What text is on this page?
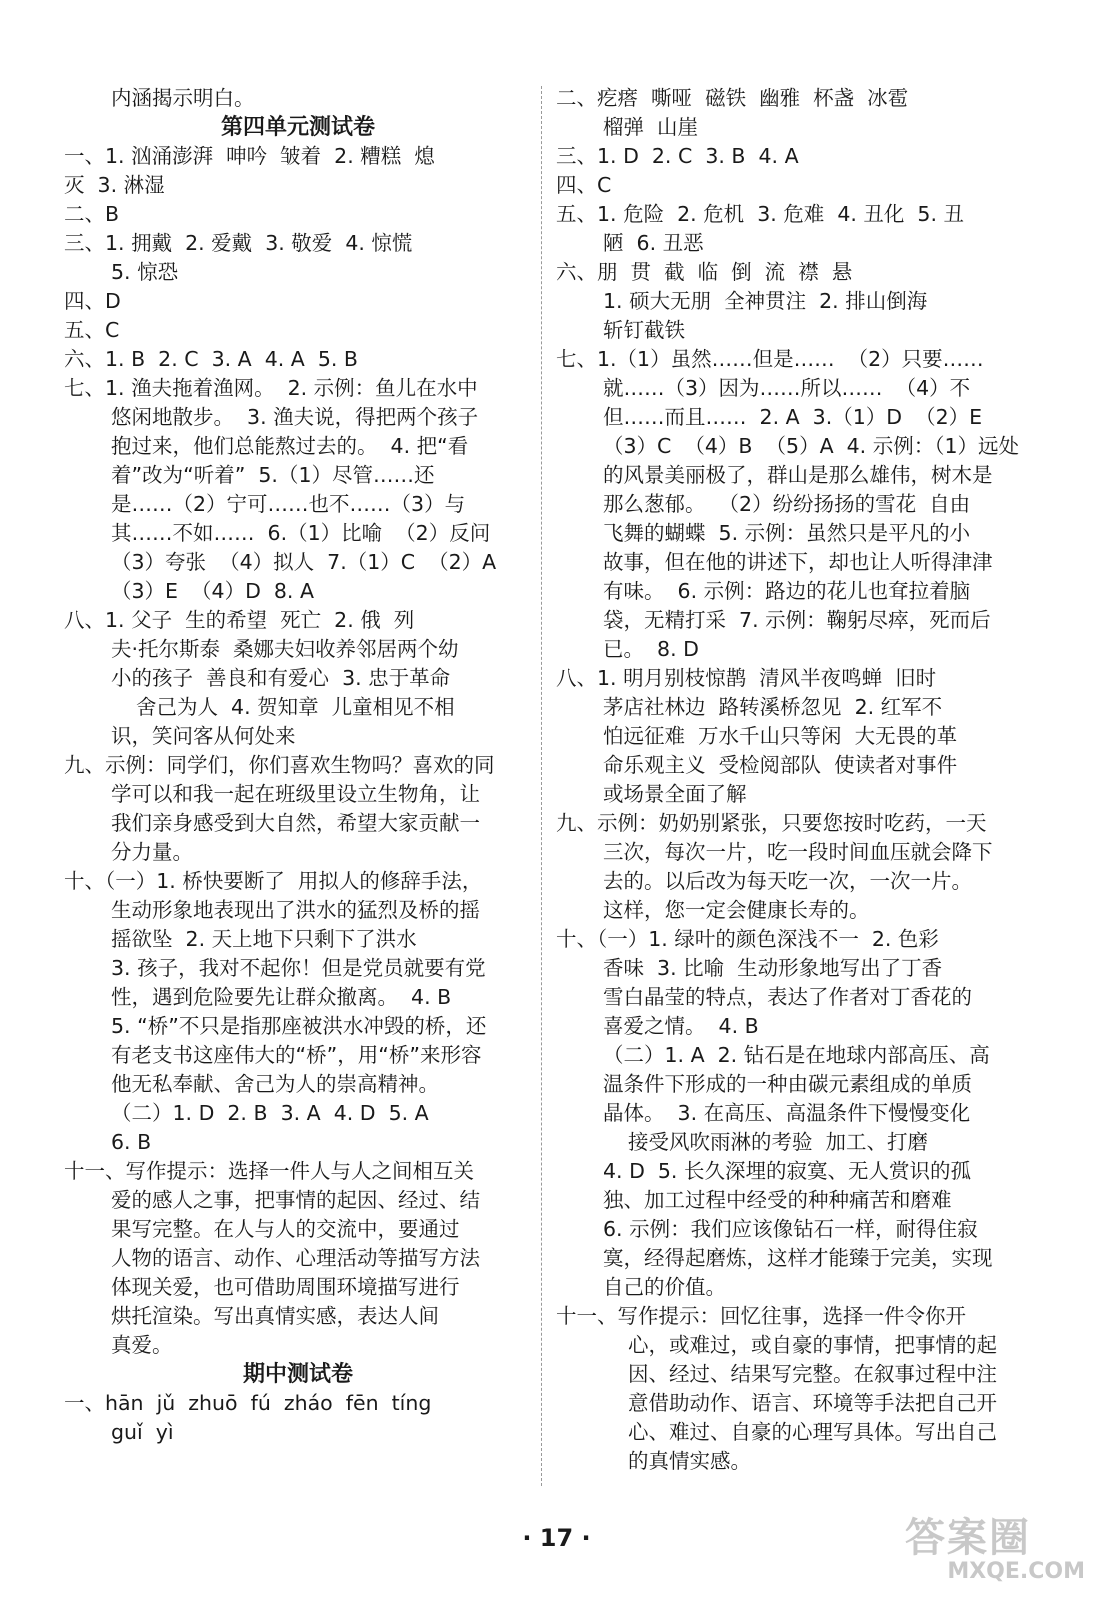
内涵揭示明白。
第四单元测试卷
一、1. 汹涌澎湃  呻吟  皱着  2. 糟糕  熄
灭  3. 淋湿
二、B
三、1. 拥戴  2. 爱戴  3. 敬爱  4. 惊慌
5. 惊恐
四、D
五、C
六、1. B  2. C  3. A  4. A  5. B
七、1. 渔夫拖着渔网。  2. 示例：鱼儿在水中
悠闲地散步。  3. 渔夫说，得把两个孩子
抱过来，他们总能熬过去的。  4. 把“看
着”改为“听着”  5.（1）尽管……还
是……（2）宁可……也不……（3）与
其……不如……  6.（1）比喻  （2）反问
（3）夸张  （4）拟人  7.（1）C  （2）A
（3）E  （4）D  8. A
八、1. 父子  生的希望  死亡  2. 俄  列
夫·托尔斯泰  桑娜夫妇收养邻居两个幼
小的孩子  善良和有爱心  3. 忠于革命
舍己为人  4. 贺知章  儿童相见不相
识，笑问客从何处来
九、示例：同学们，你们喜欢生物吗？喜欢的同
学可以和我一起在班级里设立生物角，让
我们亲身感受到大自然，希望大家贡献一
分力量。
十、（一）1. 桥快要断了  用拟人的修辞手法，
生动形象地表现出了洪水的猛烈及桥的摇
摇欲坠  2. 天上地下只剩下了洪水
3. 孩子，我对不起你！但是党员就要有党
性，遇到危险要先让群众撤离。  4. B
5. “桥”不只是指那座被洪水冲毁的桥，还
有老支书这座伟大的“桥”，用“桥”来形容
他无私奉献、舍己为人的崇高精神。
（二）1. D  2. B  3. A  4. D  5. A
6. B
十一、写作提示：选择一件人与人之间相互关
爱的感人之事，把事情的起因、经过、结
果写完整。在人与人的交流中，要通过
人物的语言、动作、心理活动等描写方法
体现关爱，也可借助周围环境描写进行
烘托渲染。写出真情实感，表达人间
真爱。
期中测试卷
一、hān  jǔ  zhuō  fú  zháo  fēn  tíng
guǐ  yì
二、疙瘩  嘶哑  磁铁  幽雅  杯盏  冰雹
榴弹  山崖
三、1. D  2. C  3. B  4. A
四、C
五、1. 危险  2. 危机  3. 危难  4. 丑化  5. 丑
陋  6. 丑恶
六、朋  贯  截  临  倒  流  襟  悬
1. 硕大无朋  全神贯注  2. 排山倒海
斩钉截铁
七、1.（1）虽然……但是……  （2）只要……
就……（3）因为……所以……  （4）不
但……而且……  2. A  3.（1）D  （2）E
（3）C  （4）B  （5）A  4. 示例：（1）远处
的风景美丽极了，群山是那么雄伟，树木是
那么葱郁。  （2）纷纷扬扬的雪花  自由
飞舞的蝴蝶  5. 示例：虽然只是平凡的小
故事，但在他的讲述下，却也让人听得津津
有味。  6. 示例：路边的花儿也耷拉着脑
袋，无精打采  7. 示例：鞠躬尽瘁，死而后
已。  8. D
八、1. 明月别枝惊鹊  清风半夜鸣蝉  旧时
茅店社林边  路转溪桥忽见  2. 红军不
怕远征难  万水千山只等闲  大无畏的革
命乐观主义  受检阅部队  使读者对事件
或场景全面了解
九、示例：奶奶别紧张，只要您按时吃药，一天
三次，每次一片，吃一段时间血压就会降下
去的。以后改为每天吃一次，一次一片。
这样，您一定会健康长寿的。
十、（一）1. 绿叶的颜色深浅不一  2. 色彩
香味  3. 比喻  生动形象地写出了丁香
雪白晶莹的特点，表达了作者对丁香花的
喜爱之情。  4. B
（二）1. A  2. 钻石是在地球内部高压、高
温条件下形成的一种由碳元素组成的单质
晶体。  3. 在高压、高温条件下慢慢变化
接受风吹雨淋的考验  加工、打磨
4. D  5. 长久深埋的寂寞、无人赏识的孤
独、加工过程中经受的种种痛苦和磨难
6. 示例：我们应该像钻石一样，耐得住寂
寞，经得起磨炼，这样才能臻于完美，实现
自己的价值。
十一、写作提示：回忆往事，选择一件令你开
心，或难过，或自豪的事情，把事情的起
因、经过、结果写完整。在叙事过程中注
意借助动作、语言、环境等手法把自己开
心、难过、自豪的心理写具体。写出自己
的真情实感。
· 17 ·	答案圈
MXQE.COM
